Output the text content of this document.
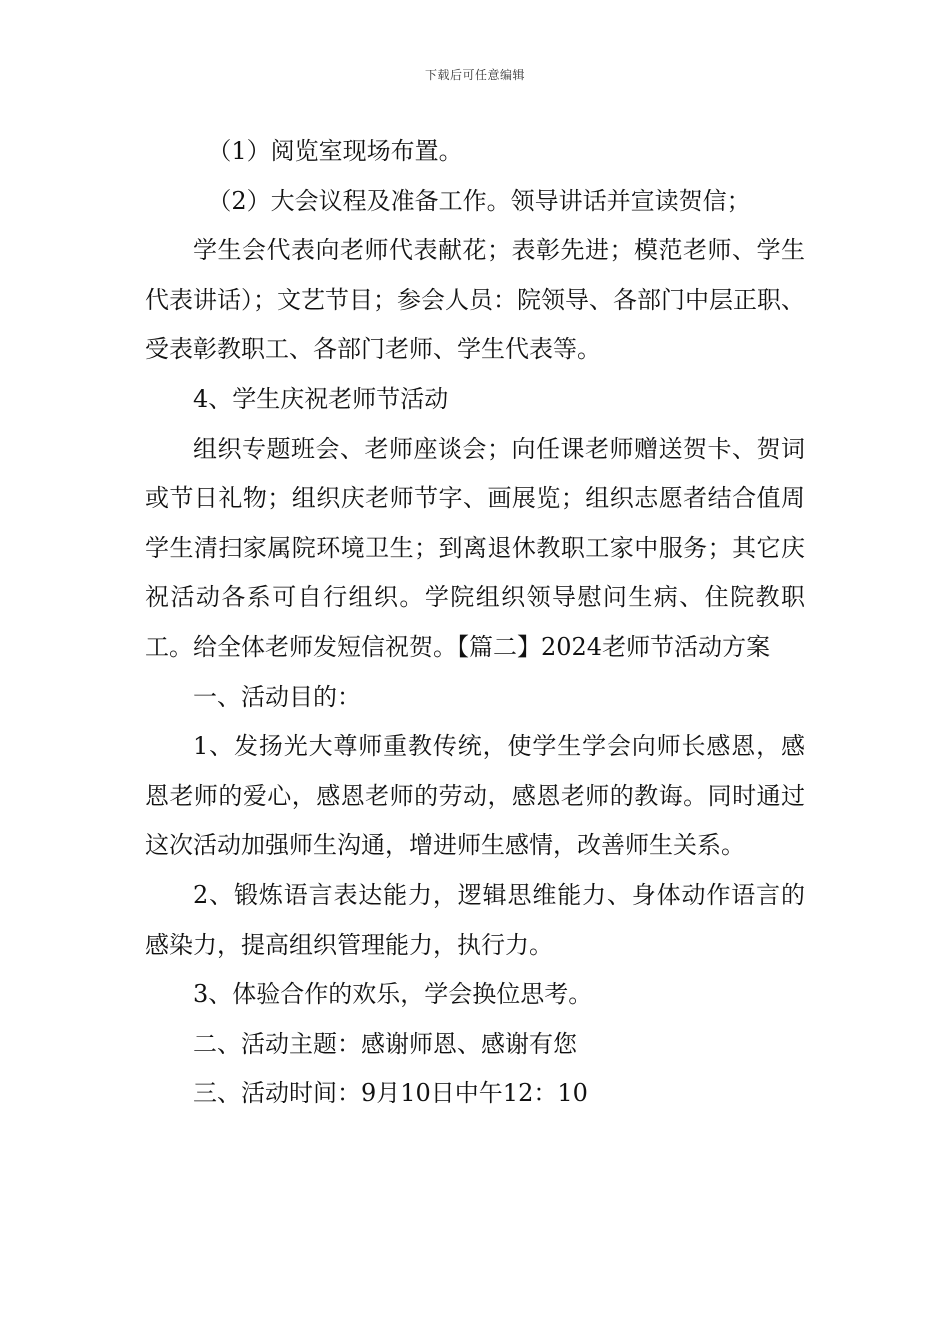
下载后可任意编辑

（1）阅览室现场布置。

（2）大会议程及准备工作。领导讲话并宣读贺信；

学生会代表向老师代表献花；表彰先进；模范老师、学生代表讲话）；文艺节目；参会人员：院领导、各部门中层正职、受表彰教职工、各部门老师、学生代表等。

4、学生庆祝老师节活动

组织专题班会、老师座谈会；向任课老师赠送贺卡、贺词或节日礼物；组织庆老师节字、画展览；组织志愿者结合值周学生清扫家属院环境卫生；到离退休教职工家中服务；其它庆祝活动各系可自行组织。学院组织领导慰问生病、住院教职工。给全体老师发短信祝贺。【篇二】2024老师节活动方案

一、活动目的：

1、发扬光大尊师重教传统，使学生学会向师长感恩，感恩老师的爱心，感恩老师的劳动，感恩老师的教诲。同时通过这次活动加强师生沟通，增进师生感情，改善师生关系。

2、锻炼语言表达能力，逻辑思维能力、身体动作语言的感染力，提高组织管理能力，执行力。

3、体验合作的欢乐，学会换位思考。

二、活动主题：感谢师恩、感谢有您

三、活动时间：9月10日中午12：10
